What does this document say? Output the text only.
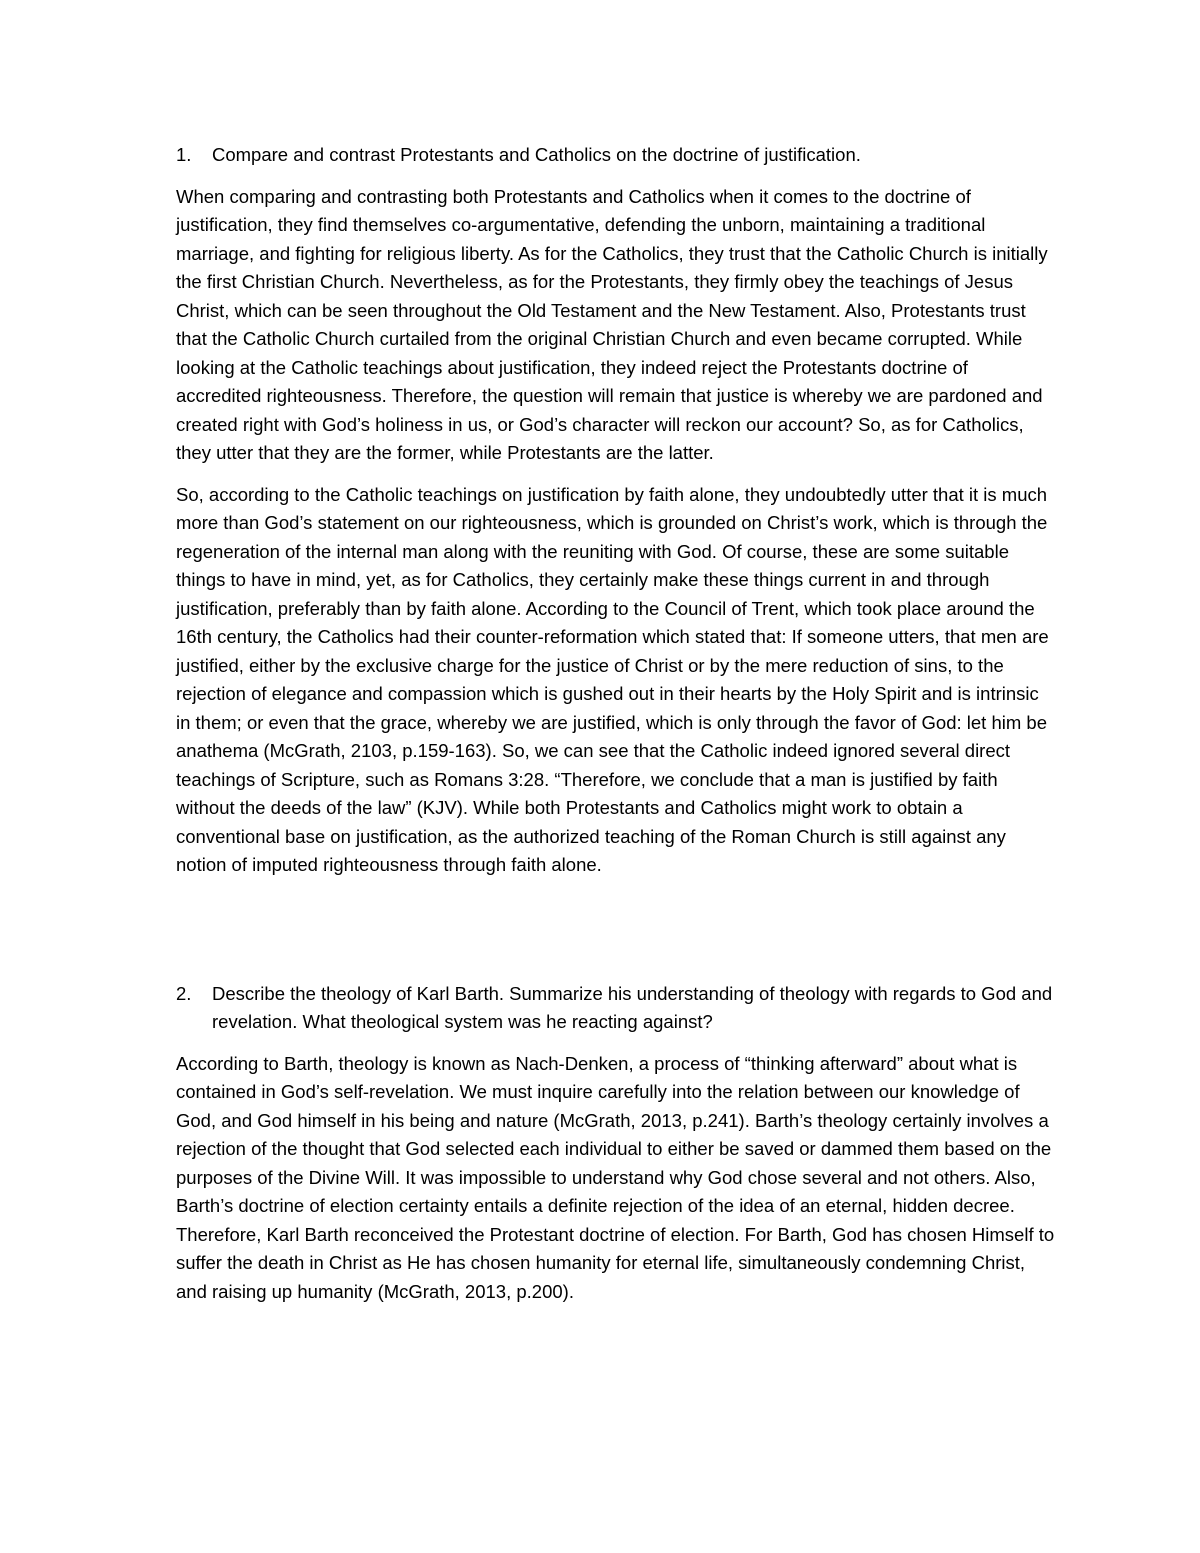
1. Compare and contrast Protestants and Catholics on the doctrine of justification.

When comparing and contrasting both Protestants and Catholics when it comes to the doctrine of justification, they find themselves co-argumentative, defending the unborn, maintaining a traditional marriage, and fighting for religious liberty. As for the Catholics, they trust that the Catholic Church is initially the first Christian Church. Nevertheless, as for the Protestants, they firmly obey the teachings of Jesus Christ, which can be seen throughout the Old Testament and the New Testament. Also, Protestants trust that the Catholic Church curtailed from the original Christian Church and even became corrupted. While looking at the Catholic teachings about justification, they indeed reject the Protestants doctrine of accredited righteousness. Therefore, the question will remain that justice is whereby we are pardoned and created right with God’s holiness in us, or God’s character will reckon our account? So, as for Catholics, they utter that they are the former, while Protestants are the latter.

So, according to the Catholic teachings on justification by faith alone, they undoubtedly utter that it is much more than God’s statement on our righteousness, which is grounded on Christ’s work, which is through the regeneration of the internal man along with the reuniting with God. Of course, these are some suitable things to have in mind, yet, as for Catholics, they certainly make these things current in and through justification, preferably than by faith alone. According to the Council of Trent, which took place around the 16th century, the Catholics had their counter-reformation which stated that: If someone utters, that men are justified, either by the exclusive charge for the justice of Christ or by the mere reduction of sins, to the rejection of elegance and compassion which is gushed out in their hearts by the Holy Spirit and is intrinsic in them; or even that the grace, whereby we are justified, which is only through the favor of God: let him be anathema (McGrath, 2103, p.159-163). So, we can see that the Catholic indeed ignored several direct teachings of Scripture, such as Romans 3:28. “Therefore, we conclude that a man is justified by faith without the deeds of the law” (KJV). While both Protestants and Catholics might work to obtain a conventional base on justification, as the authorized teaching of the Roman Church is still against any notion of imputed righteousness through faith alone.

2. Describe the theology of Karl Barth. Summarize his understanding of theology with regards to God and revelation. What theological system was he reacting against?

According to Barth, theology is known as Nach-Denken, a process of “thinking afterward” about what is contained in God’s self-revelation. We must inquire carefully into the relation between our knowledge of God, and God himself in his being and nature (McGrath, 2013, p.241). Barth’s theology certainly involves a rejection of the thought that God selected each individual to either be saved or dammed them based on the purposes of the Divine Will. It was impossible to understand why God chose several and not others. Also, Barth’s doctrine of election certainty entails a definite rejection of the idea of an eternal, hidden decree. Therefore, Karl Barth reconceived the Protestant doctrine of election. For Barth, God has chosen Himself to suffer the death in Christ as He has chosen humanity for eternal life, simultaneously condemning Christ, and raising up humanity (McGrath, 2013, p.200).
